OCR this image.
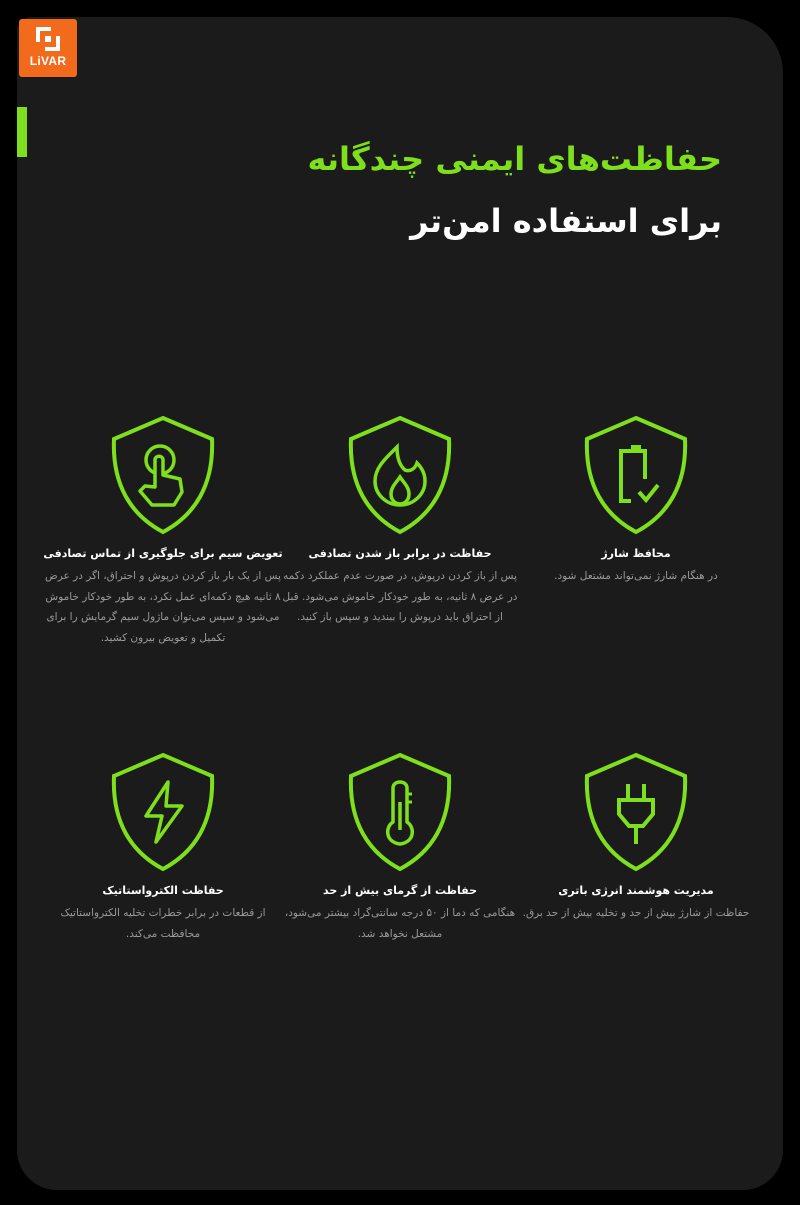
LiVAR
حفاظت‌های ایمنی چندگانه
برای استفاده امن‌تر
محافظ شارژ
در هنگام شارژ نمی‌تواند مشتعل شود.
حفاظت در برابر باز شدن تصادفی
پس از باز کردن درپوش، در صورت عدم عملکرد دکمه در عرض ۸ ثانیه، به طور خودکار خاموش می‌شود. قبل از احتراق باید درپوش را ببندید و سپس باز کنید.
تعویض سیم برای جلوگیری از تماس تصادفی
پس از یک بار باز کردن درپوش و احتراق، اگر در عرض ۸ ثانیه هیچ دکمه‌ای عمل نکرد، به طور خودکار خاموش می‌شود و سپس می‌توان ماژول سیم گرمایش را برای تکمیل و تعویض بیرون کشید.
مدیریت هوشمند انرژی باتری
حفاظت از شارژ بیش از حد و تخلیه بیش از حد برق.
حفاظت از گرمای بیش از حد
هنگامی که دما از ۵۰ درجه سانتی‌گراد بیشتر می‌شود، مشتعل نخواهد شد.
حفاظت الکترواستاتیک
از قطعات در برابر خطرات تخلیه الکترواستاتیک محافظت می‌کند.
